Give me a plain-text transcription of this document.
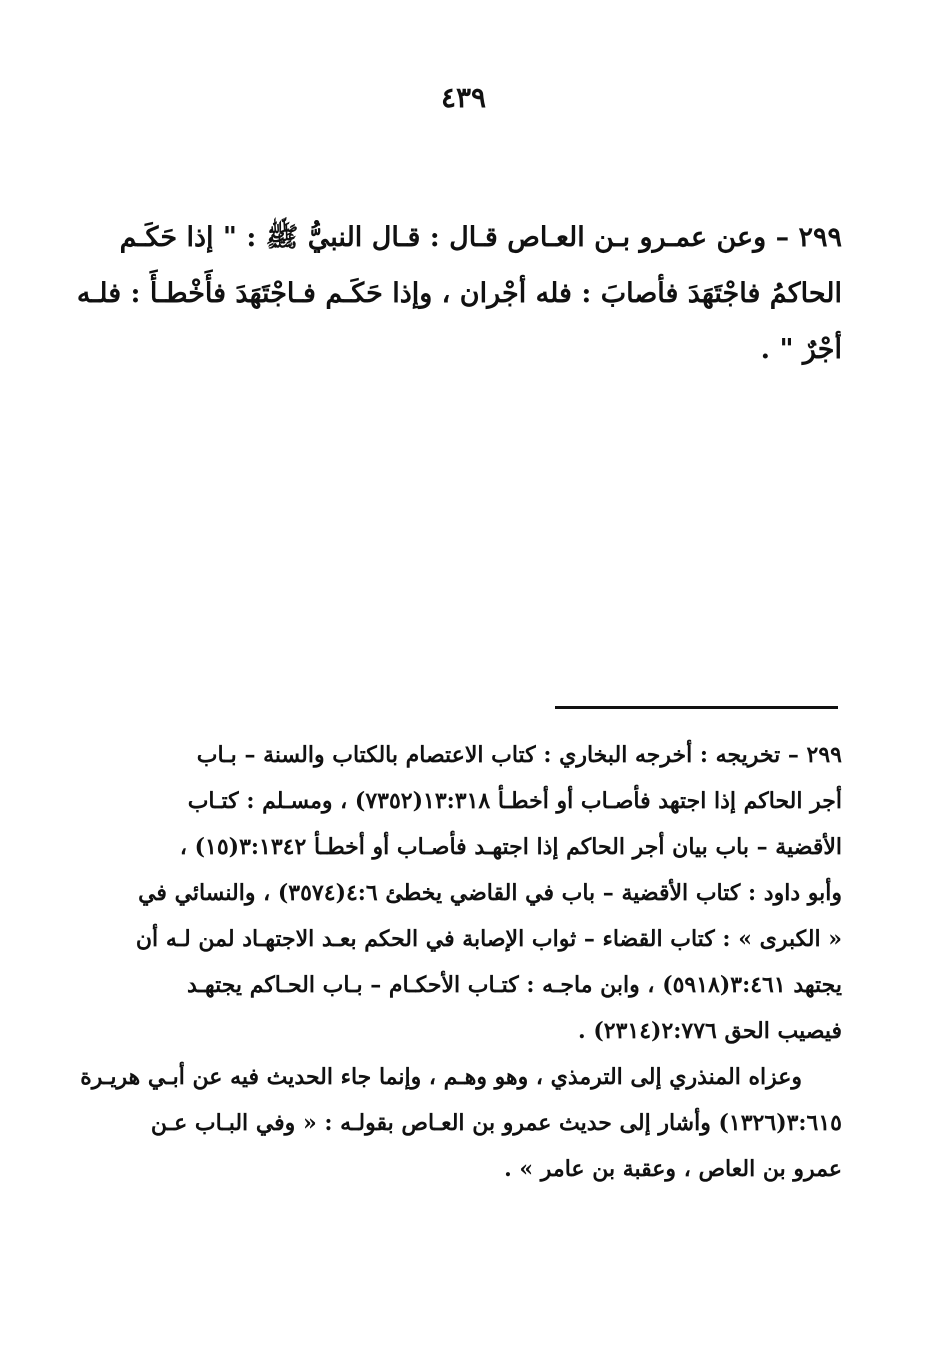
٤٣٩
٢٩٩ – وعن عمـرو بـن العـاص قـال : قـال النبيُّ ﷺ : " إذا حَكَـم
الحاكمُ فاجْتَهَدَ فأصابَ : فله أجْران ، وإذا حَكَـم فـاجْتَهَدَ فأَخْطـأَ : فلـه
أجْرٌ " .
٢٩٩ – تخريجه : أخرجه البخاري : كتاب الاعتصام بالكتاب والسنة – بـاب
أجر الحاكم إذا اجتهد فأصـاب أو أخطـأ ١٣:٣١٨(٧٣٥٢) ، ومسـلم : كتـاب
الأقضية – باب بيان أجر الحاكم إذا اجتهـد فأصـاب أو أخطـأ ٣:١٣٤٢(١٥) ،
وأبو داود : كتاب الأقضية – باب في القاضي يخطئ ٤:٦(٣٥٧٤) ، والنسائي في
« الكبرى » : كتاب القضاء – ثواب الإصابة في الحكم بعـد الاجتهـاد لمن لـه أن
يجتهد ٣:٤٦١(٥٩١٨) ، وابن ماجـه : كتـاب الأحكـام – بـاب الحـاكم يجتهـد
فيصيب الحق ٢:٧٧٦(٢٣١٤) .
وعزاه المنذري إلى الترمذي ، وهو وهـم ، وإنما جاء الحديث فيه عن أبـي هريـرة
٣:٦١٥(١٣٢٦) وأشار إلى حديث عمرو بن العـاص بقولـه : « وفي البـاب عـن
عمرو بن العاص ، وعقبة بن عامر » .
